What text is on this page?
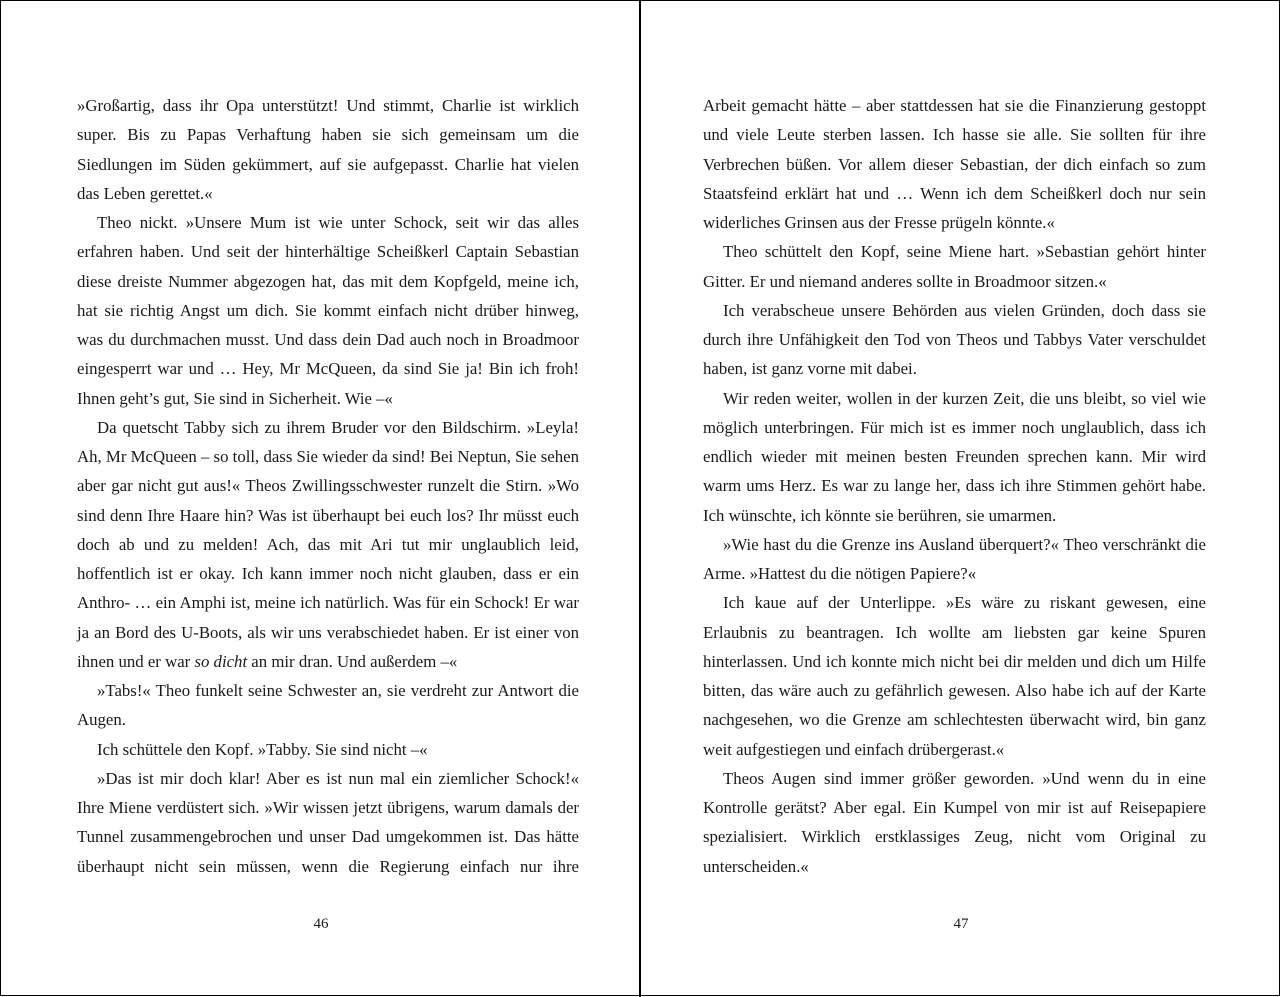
»Großartig, dass ihr Opa unterstützt! Und stimmt, Charlie ist wirklich super. Bis zu Papas Verhaftung haben sie sich gemeinsam um die Siedlungen im Süden gekümmert, auf sie aufgepasst. Charlie hat vielen das Leben gerettet.«

Theo nickt. »Unsere Mum ist wie unter Schock, seit wir das alles erfahren haben. Und seit der hinterhältige Scheißkerl Captain Sebastian diese dreiste Nummer abgezogen hat, das mit dem Kopfgeld, meine ich, hat sie richtig Angst um dich. Sie kommt einfach nicht drüber hinweg, was du durchmachen musst. Und dass dein Dad auch noch in Broadmoor eingesperrt war und … Hey, Mr McQueen, da sind Sie ja! Bin ich froh! Ihnen geht’s gut, Sie sind in Sicherheit. Wie –«

Da quetscht Tabby sich zu ihrem Bruder vor den Bildschirm. »Leyla! Ah, Mr McQueen – so toll, dass Sie wieder da sind! Bei Neptun, Sie sehen aber gar nicht gut aus!« Theos Zwillingsschwester runzelt die Stirn. »Wo sind denn Ihre Haare hin? Was ist überhaupt bei euch los? Ihr müsst euch doch ab und zu melden! Ach, das mit Ari tut mir unglaublich leid, hoffentlich ist er okay. Ich kann immer noch nicht glauben, dass er ein Anthro- … ein Amphi ist, meine ich natürlich. Was für ein Schock! Er war ja an Bord des U-Boots, als wir uns verabschiedet haben. Er ist einer von ihnen und er war so dicht an mir dran. Und außerdem –«

»Tabs!« Theo funkelt seine Schwester an, sie verdreht zur Antwort die Augen.

Ich schüttele den Kopf. »Tabby. Sie sind nicht –«

»Das ist mir doch klar! Aber es ist nun mal ein ziemlicher Schock!« Ihre Miene verdüstert sich. »Wir wissen jetzt übrigens, warum damals der Tunnel zusammengebrochen und unser Dad umgekommen ist. Das hätte überhaupt nicht sein müssen, wenn die Regierung einfach nur ihre

46

Arbeit gemacht hätte – aber stattdessen hat sie die Finanzierung gestoppt und viele Leute sterben lassen. Ich hasse sie alle. Sie sollten für ihre Verbrechen büßen. Vor allem dieser Sebastian, der dich einfach so zum Staatsfeind erklärt hat und … Wenn ich dem Scheißkerl doch nur sein widerliches Grinsen aus der Fresse prügeln könnte.«

Theo schüttelt den Kopf, seine Miene hart. »Sebastian gehört hinter Gitter. Er und niemand anderes sollte in Broadmoor sitzen.«

Ich verabscheue unsere Behörden aus vielen Gründen, doch dass sie durch ihre Unfähigkeit den Tod von Theos und Tabbys Vater verschuldet haben, ist ganz vorne mit dabei.

Wir reden weiter, wollen in der kurzen Zeit, die uns bleibt, so viel wie möglich unterbringen. Für mich ist es immer noch unglaublich, dass ich endlich wieder mit meinen besten Freunden sprechen kann. Mir wird warm ums Herz. Es war zu lange her, dass ich ihre Stimmen gehört habe. Ich wünschte, ich könnte sie berühren, sie umarmen.

»Wie hast du die Grenze ins Ausland überquert?« Theo verschränkt die Arme. »Hattest du die nötigen Papiere?«

Ich kaue auf der Unterlippe. »Es wäre zu riskant gewesen, eine Erlaubnis zu beantragen. Ich wollte am liebsten gar keine Spuren hinterlassen. Und ich konnte mich nicht bei dir melden und dich um Hilfe bitten, das wäre auch zu gefährlich gewesen. Also habe ich auf der Karte nachgesehen, wo die Grenze am schlechtesten überwacht wird, bin ganz weit aufgestiegen und einfach drübergerast.«

Theos Augen sind immer größer geworden. »Und wenn du in eine Kontrolle gerätst? Aber egal. Ein Kumpel von mir ist auf Reisepapiere spezialisiert. Wirklich erstklassiges Zeug, nicht vom Original zu unterscheiden.«

47
